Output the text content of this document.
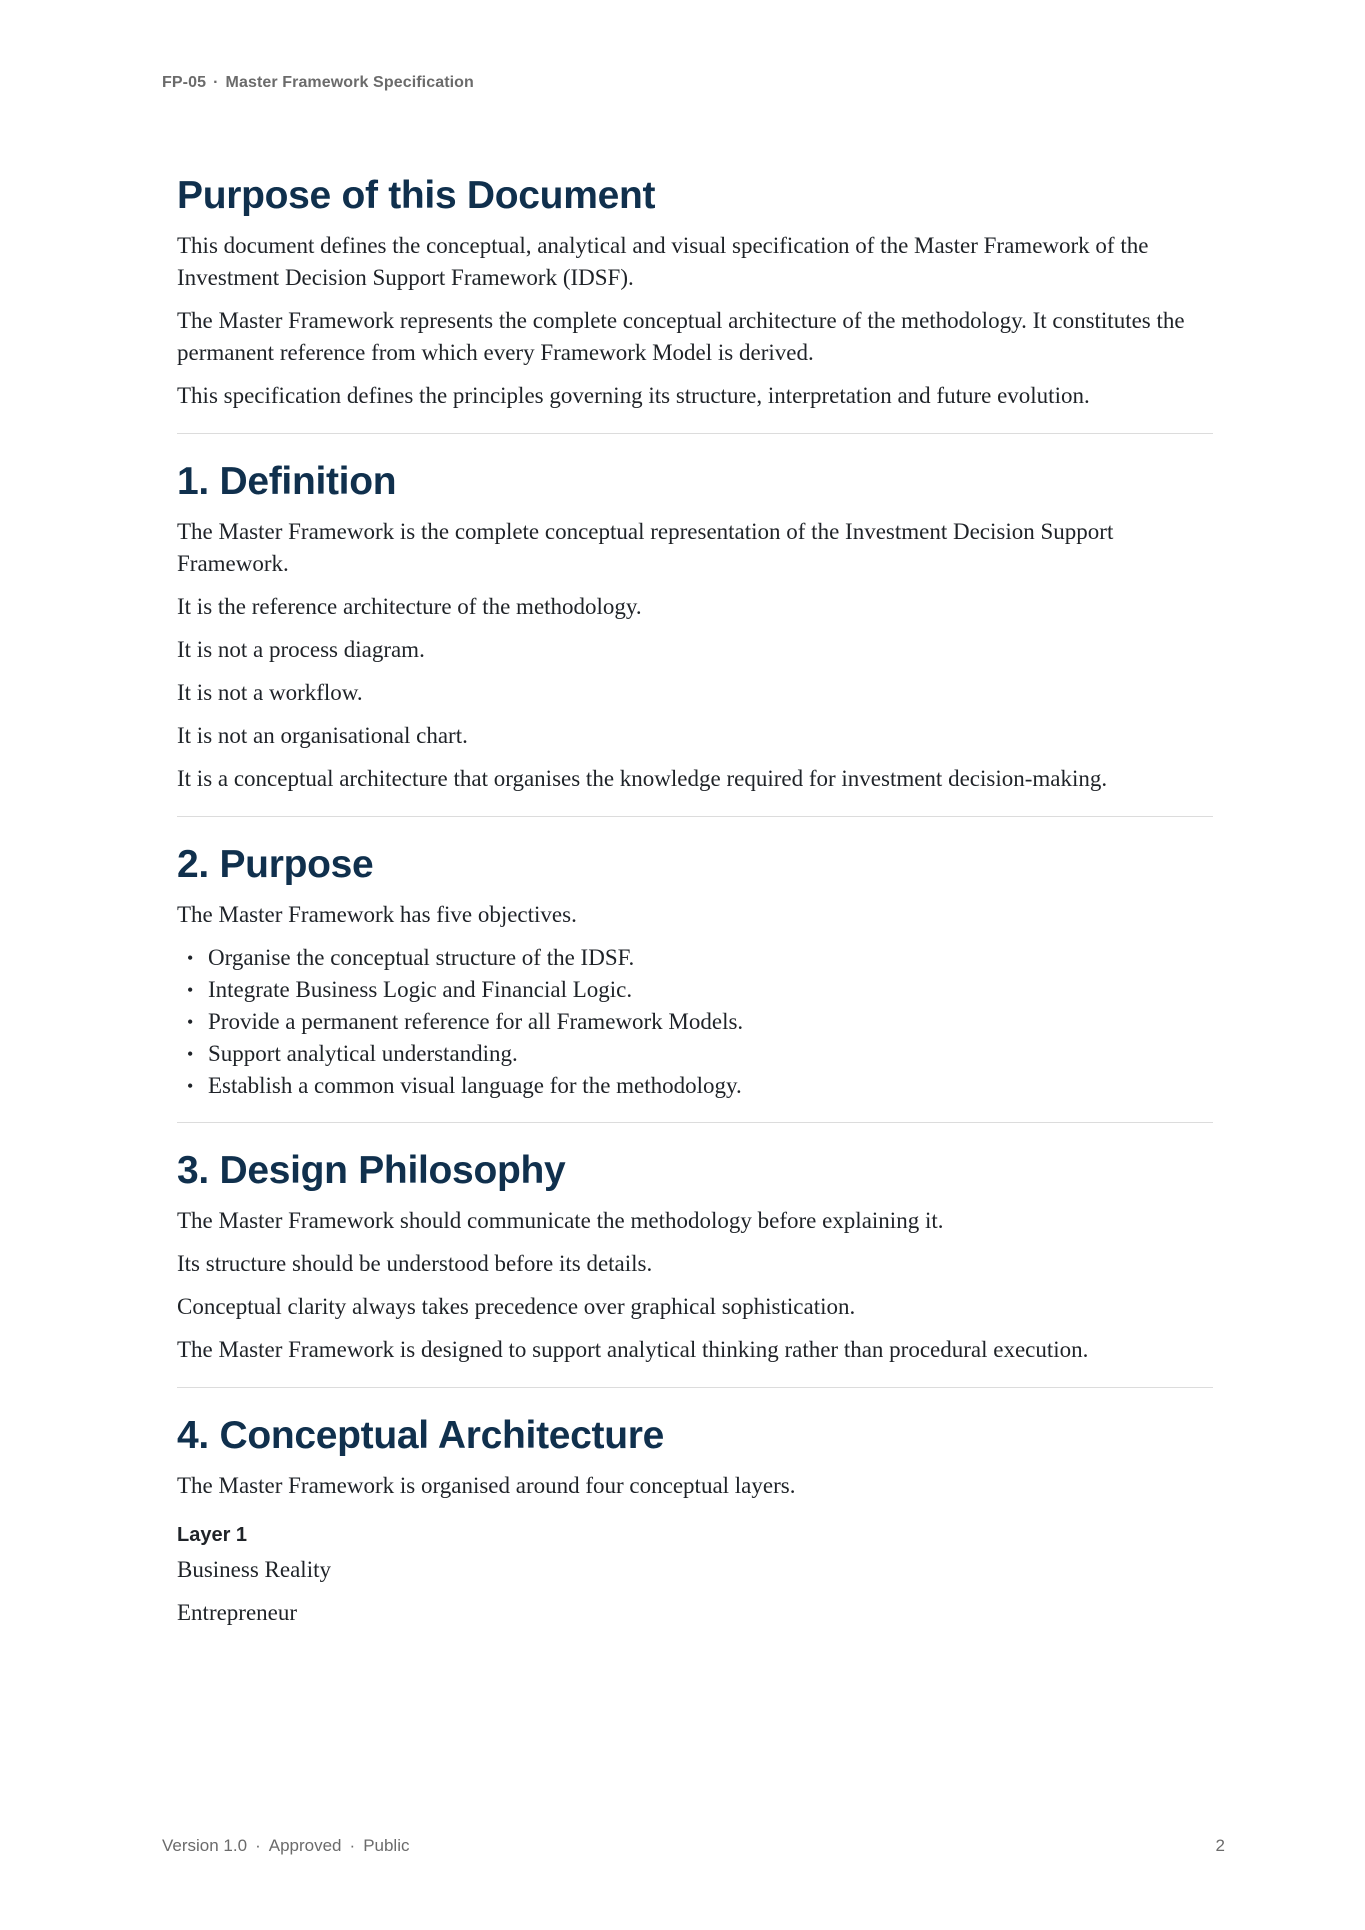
FP-05 · Master Framework Specification
Purpose of this Document

This document defines the conceptual, analytical and visual specification of the Master Framework of the Investment Decision Support Framework (IDSF).

The Master Framework represents the complete conceptual architecture of the methodology. It constitutes the permanent reference from which every Framework Model is derived.

This specification defines the principles governing its structure, interpretation and future evolution.

1. Definition

The Master Framework is the complete conceptual representation of the Investment Decision Support Framework.

It is the reference architecture of the methodology.

It is not a process diagram.

It is not a workflow.

It is not an organisational chart.

It is a conceptual architecture that organises the knowledge required for investment decision-making.

2. Purpose

The Master Framework has five objectives.

• Organise the conceptual structure of the IDSF.
• Integrate Business Logic and Financial Logic.
• Provide a permanent reference for all Framework Models.
• Support analytical understanding.
• Establish a common visual language for the methodology.
3. Design Philosophy

The Master Framework should communicate the methodology before explaining it.

Its structure should be understood before its details.

Conceptual clarity always takes precedence over graphical sophistication.

The Master Framework is designed to support analytical thinking rather than procedural execution.

4. Conceptual Architecture

The Master Framework is organised around four conceptual layers.

Layer 1

Business Reality

Entrepreneur

Version 1.0 · Approved · Public	2
